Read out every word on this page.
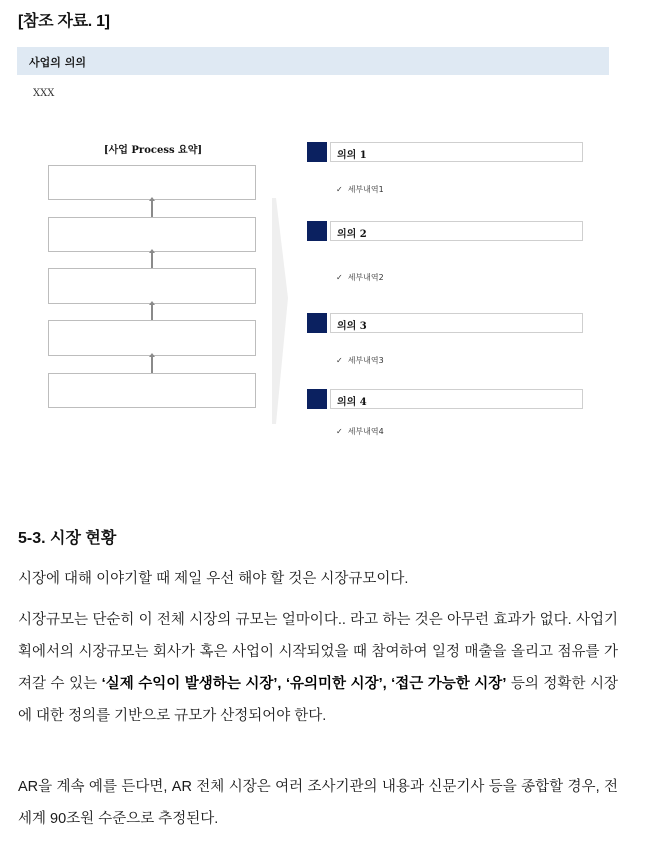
[참조 자료. 1]
사업의 의의
XXX
[사업 Process 요약]	의의 1
✓ 세부내역1
의의 2
✓ 세부내역2
의의 3
✓ 세부내역3
의의 4
✓ 세부내역4
5-3. 시장 현황
시장에 대해 이야기할 때 제일 우선 해야 할 것은 시장규모이다.
시장규모는 단순히 이 전체 시장의 규모는 얼마이다.. 라고 하는 것은 아무런 효과가 없다. 사업기획에서의 시장규모는 회사가 혹은 사업이 시작되었을 때 참여하여 일정 매출을 올리고 점유를 가져갈 수 있는 ‘실제 수익이 발생하는 시장’, ‘유의미한 시장’, ‘접근 가능한 시장’ 등의 정확한 시장에 대한 정의를 기반으로 규모가 산정되어야 한다.
AR을 계속 예를 든다면, AR 전체 시장은 여러 조사기관의 내용과 신문기사 등을 종합할 경우, 전 세계 90조원 수준으로 추정된다.
